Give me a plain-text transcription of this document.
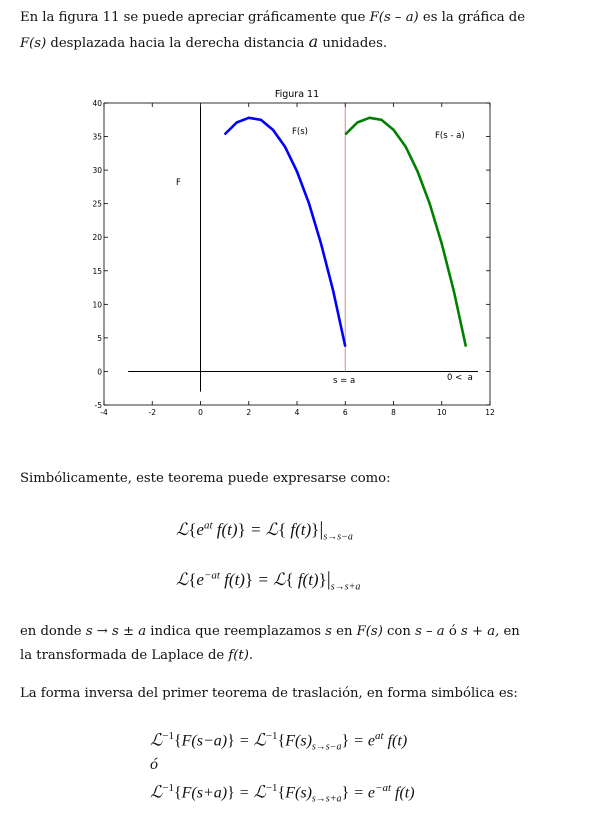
En la figura 11 se puede apreciar gráficamente que F(s – a) es la gráfica de
F(s) desplazada hacia la derecha distancia a unidades.
Figura 11
-4	-2	0	2	4	6	8	10	12
-5
0
5
10
15
20
25
30
35
40
F
F(s)	F(s - a)
s = a	0 <  a
Simbólicamente, este teorema puede expresarse como:
$ℒ\{e^{at}$ f(t)} = ℒ{ $f(t)\}|_{s\to s-a}$
$ℒ\{e^{-at}$ f(t)} = ℒ{ $f(t)\}|_{s\to s+a}$
en donde s → s ± a indica que reemplazamos s en F(s) con s – a ó s + a, en
la transformada de Laplace de f(t).
La forma inversa del primer teorema de traslación, en forma simbólica es:
ℒ$^{-1}${F(s−a)} = $ℒ^{-1}\{F(s)_{s\to s-a}\} = e^{at}$ f(t)
ó
ℒ$^{-1}${F(s+a)} = $ℒ^{-1}\{F(s)_{s\to s+a}\} = e^{-at}$ f(t)
